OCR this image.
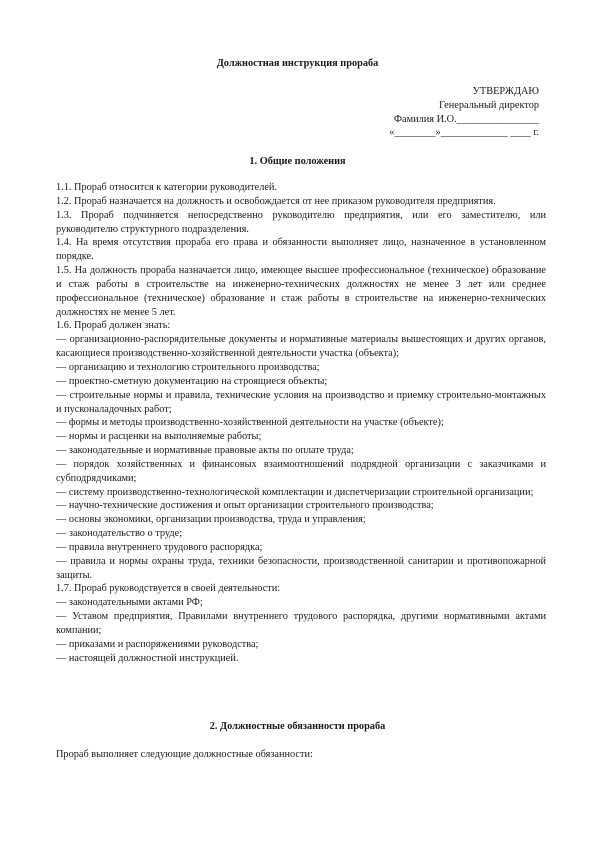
Должностная инструкция прораба
УТВЕРЖДАЮ
Генеральный директор
Фамилия И.О.________________
«________»_____________ ____ г.
1. Общие положения

1.1. Прораб относится к категории руководителей.

1.2. Прораб назначается на должность и освобождается от нее приказом руководителя предприятия.

1.3. Прораб подчиняется непосредственно руководителю предприятия, или его заместителю, или руководителю структурного подразделения.

1.4. На время отсутствия прораба его права и обязанности выполняет лицо, назначенное в установленном порядке.

1.5. На должность прораба назначается лицо, имеющее высшее профессиональное (техническое) образование и стаж работы в строительстве на инженерно-технических должностях не менее 3 лет или среднее профессиональное (техническое) образование и стаж работы в строительстве на инженерно-технических должностях не менее 5 лет.

1.6. Прораб должен знать:

— организационно-распорядительные документы и нормативные материалы вышестоящих и других органов, касающиеся производственно-хозяйственной деятельности участка (объекта);

— организацию и технологию строительного производства;

— проектно-сметную документацию на строящиеся объекты;

— строительные нормы и правила, технические условия на производство и приемку строительно-монтажных и пусконаладочных работ;

— формы и методы производственно-хозяйственной деятельности на участке (объекте);

— нормы и расценки на выполняемые работы;

— законодательные и нормативные правовые акты по оплате труда;

— порядок хозяйственных и финансовых взаимоотношений подрядной организации с заказчиками и субподрядчиками;

— систему производственно-технологической комплектации и диспетчеризации строительной организации;

— научно-технические достижения и опыт организации строительного производства;

— основы экономики, организации производства, труда и управления;

— законодательство о труде;

— правила внутреннего трудового распорядка;

— правила и нормы охраны труда, техники безопасности, производственной санитарии и противопожарной защиты.

1.7. Прораб руководствуется в своей деятельности:

— законодательными актами РФ;

— Уставом предприятия, Правилами внутреннего трудового распорядка, другими нормативными актами компании;

— приказами и распоряжениями руководства;

— настоящей должностной инструкцией.

2. Должностные обязанности прораба
Прораб выполняет следующие должностные обязанности:
